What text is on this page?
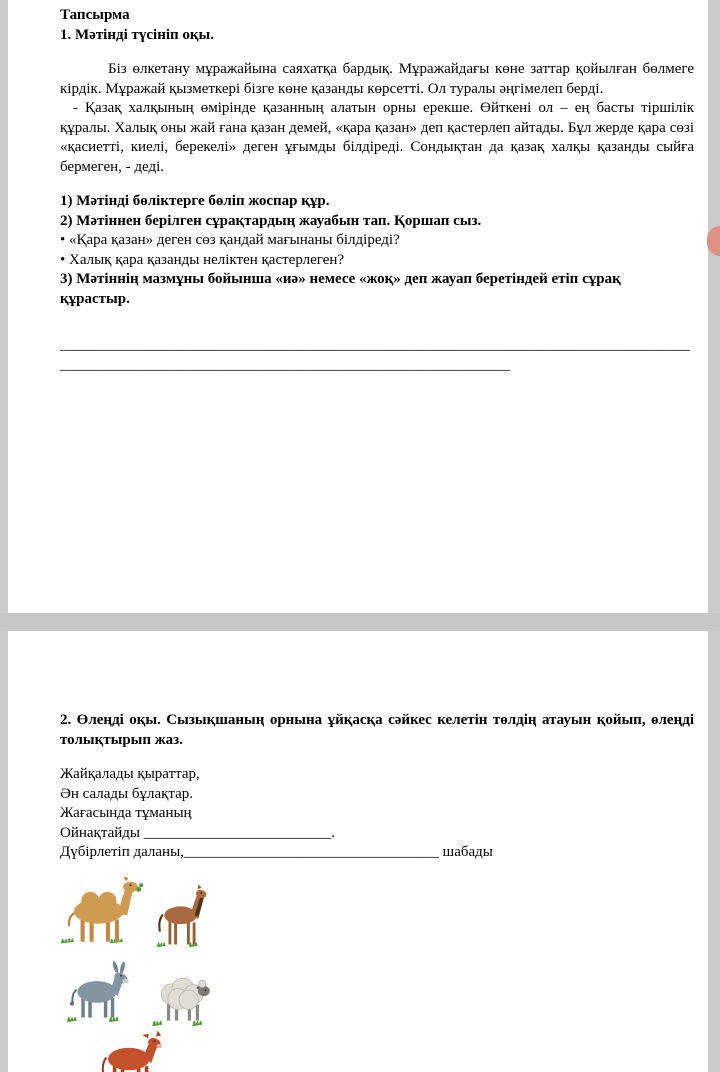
Тапсырма

1. Мәтінді түсініп оқы.

Біз өлкетану мұражайына саяхатқа бардық. Мұражайдағы көне заттар қойылған бөлмеге кірдік. Мұражай қызметкері бізге көне қазанды көрсетті. Ол туралы әңгімелеп берді.

- Қазақ халқының өмірінде қазанның алатын орны ерекше. Өйткені ол – ең басты тіршілік құралы. Халық оны жай ғана қазан демей, «қара қазан» деп қастерлеп айтады. Бұл жерде қара сөзі «қасиетті, киелі, берекелі» деген ұғымды білдіреді. Сондықтан да қазақ халқы қазанды сыйға бермеген, - деді.

1) Мәтінді бөліктерге бөліп жоспар құр.

2) Мәтіннен берілген сұрақтардың жауабын тап. Қоршап сыз.

• «Қара қазан» деген сөз қандай мағынаны білдіреді?

• Халық қара қазанды неліктен қастерлеген?

3) Мәтіннің мазмұны бойынша «иә» немесе «жоқ» деп жауап беретіндей етіп сұрақ құрастыр.

____________________________________________________________________________________

____________________________________________________________

2. Өлеңді оқы. Сызықшаның орнына ұйқасқа сәйкес келетін төлдің атауын қойып, өлеңді толықтырып жаз.

Жайқалады қыраттар,

Ән салады бұлақтар.

Жағасында тұманың

Ойнақтайды _________________________.

Дүбірлетіп даланы,__________________________________ шабады
